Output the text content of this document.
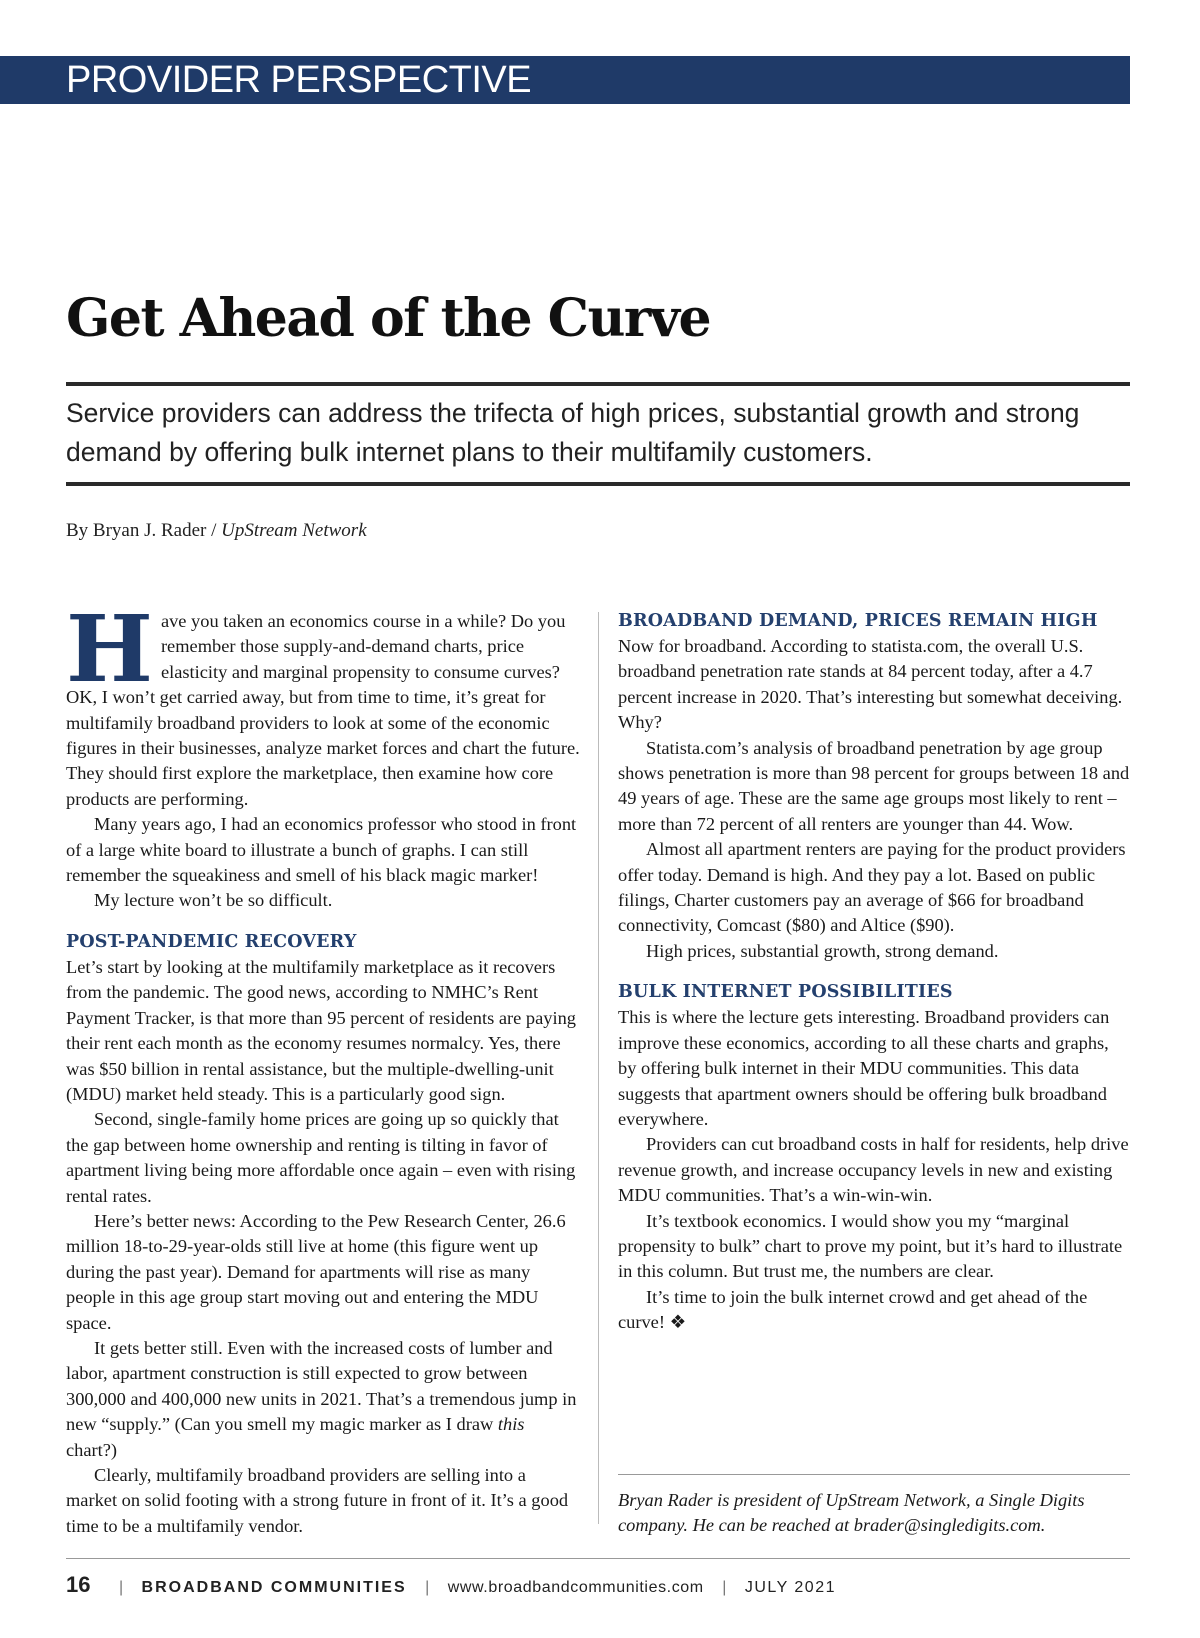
PROVIDER PERSPECTIVE
Get Ahead of the Curve

Service providers can address the trifecta of high prices, substantial growth and strong demand by offering bulk internet plans to their multifamily customers.

By Bryan J. Rader / UpStream Network

Have you taken an economics course in a while? Do you remember those supply-and-demand charts, price elasticity and marginal propensity to consume curves? OK, I won’t get carried away, but from time to time, it’s great for multifamily broadband providers to look at some of the economic figures in their businesses, analyze market forces and chart the future. They should first explore the marketplace, then examine how core products are performing.

Many years ago, I had an economics professor who stood in front of a large white board to illustrate a bunch of graphs. I can still remember the squeakiness and smell of his black magic marker!

My lecture won’t be so difficult.

POST-PANDEMIC RECOVERY

Let’s start by looking at the multifamily marketplace as it recovers from the pandemic. The good news, according to NMHC’s Rent Payment Tracker, is that more than 95 percent of residents are paying their rent each month as the economy resumes normalcy. Yes, there was $50 billion in rental assistance, but the multiple-dwelling-unit (MDU) market held steady. This is a particularly good sign.

Second, single-family home prices are going up so quickly that the gap between home ownership and renting is tilting in favor of apartment living being more affordable once again – even with rising rental rates.

Here’s better news: According to the Pew Research Center, 26.6 million 18-to-29-year-olds still live at home (this figure went up during the past year). Demand for apartments will rise as many people in this age group start moving out and entering the MDU space.

It gets better still. Even with the increased costs of lumber and labor, apartment construction is still expected to grow between 300,000 and 400,000 new units in 2021. That’s a tremendous jump in new “supply.” (Can you smell my magic marker as I draw this chart?)

Clearly, multifamily broadband providers are selling into a market on solid footing with a strong future in front of it. It’s a good time to be a multifamily vendor.

BROADBAND DEMAND, PRICES REMAIN HIGH

Now for broadband. According to statista.com, the overall U.S. broadband penetration rate stands at 84 percent today, after a 4.7 percent increase in 2020. That’s interesting but somewhat deceiving. Why?

Statista.com’s analysis of broadband penetration by age group shows penetration is more than 98 percent for groups between 18 and 49 years of age. These are the same age groups most likely to rent – more than 72 percent of all renters are younger than 44. Wow.

Almost all apartment renters are paying for the product providers offer today. Demand is high. And they pay a lot. Based on public filings, Charter customers pay an average of $66 for broadband connectivity, Comcast ($80) and Altice ($90).

High prices, substantial growth, strong demand.

BULK INTERNET POSSIBILITIES

This is where the lecture gets interesting. Broadband providers can improve these economics, according to all these charts and graphs, by offering bulk internet in their MDU communities. This data suggests that apartment owners should be offering bulk broadband everywhere.

Providers can cut broadband costs in half for residents, help drive revenue growth, and increase occupancy levels in new and existing MDU communities. That’s a win-win-win.

It’s textbook economics. I would show you my “marginal propensity to bulk” chart to prove my point, but it’s hard to illustrate in this column. But trust me, the numbers are clear.

It’s time to join the bulk internet crowd and get ahead of the curve! ❖

Bryan Rader is president of UpStream Network, a Single Digits company. He can be reached at brader@singledigits.com.

16 | BROADBAND COMMUNITIES | www.broadbandcommunities.com | JULY 2021
